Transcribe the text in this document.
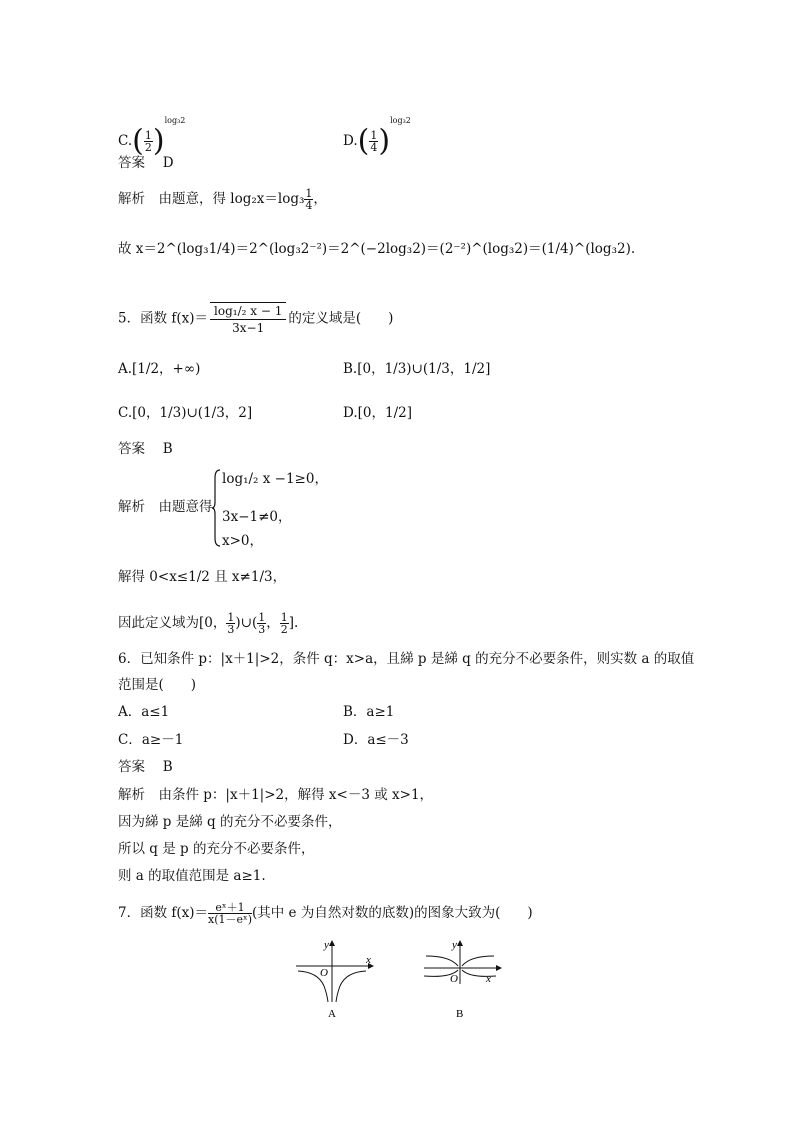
$C.( \frac{1}{2} )^{log_32}$
$D.( \frac{1}{4} )^{log_32}$
答案　 D
解析　 由题意，得 $\log_2x=\log_3 \frac{1}{4}$ ，
故 x＝2^(log₃1/4)＝2^(log₃2⁻²)＝2^(−2log₃2)＝(2⁻²)^(log₃2)＝(1/4)^(log₃2).
5．函数 $f(x)= \frac{\text{log₁/₂ x − 1}}{3x-1}$ 的定义域是(　　)
A.[1/2，+∞)	B.[0，1/3)∪(1/3，1/2]
C.[0，1/3)∪(1/3，2]	D.[0，1/2]
答案　 B
解析　 由题意得
log₁/₂ x −1≥0，
3x−1≠0，
x>0，
解得 0<x≤1/2 且 x≠1/3，
因此定义域为[0， $\frac{1}{3}$ )∪( $\frac{1}{3}$ ， $\frac{1}{2}$ ].
6．已知条件 p：|x＋1|>2，条件 q：x>a，且綈 p 是綈 q 的充分不必要条件，则实数 a 的取值
范围是(　　)
A．a≤1	B．a≥1
C．a≥－1	D．a≤－3
答案　 B
解析　 由条件 p：|x＋1|>2，解得 x<－3 或 x>1，
因为綈 p 是綈 q 的充分不必要条件，
所以 q 是 p 的充分不必要条件，
则 a 的取值范围是 a≥1.
7．函数 $f(x)= \frac{\text{eˣ＋1}}{\text{x(1－eˣ)}}$ (其中 e 为自然对数的底数)的图象大致为(　　)
x
y
O
A
x
y
O
B
